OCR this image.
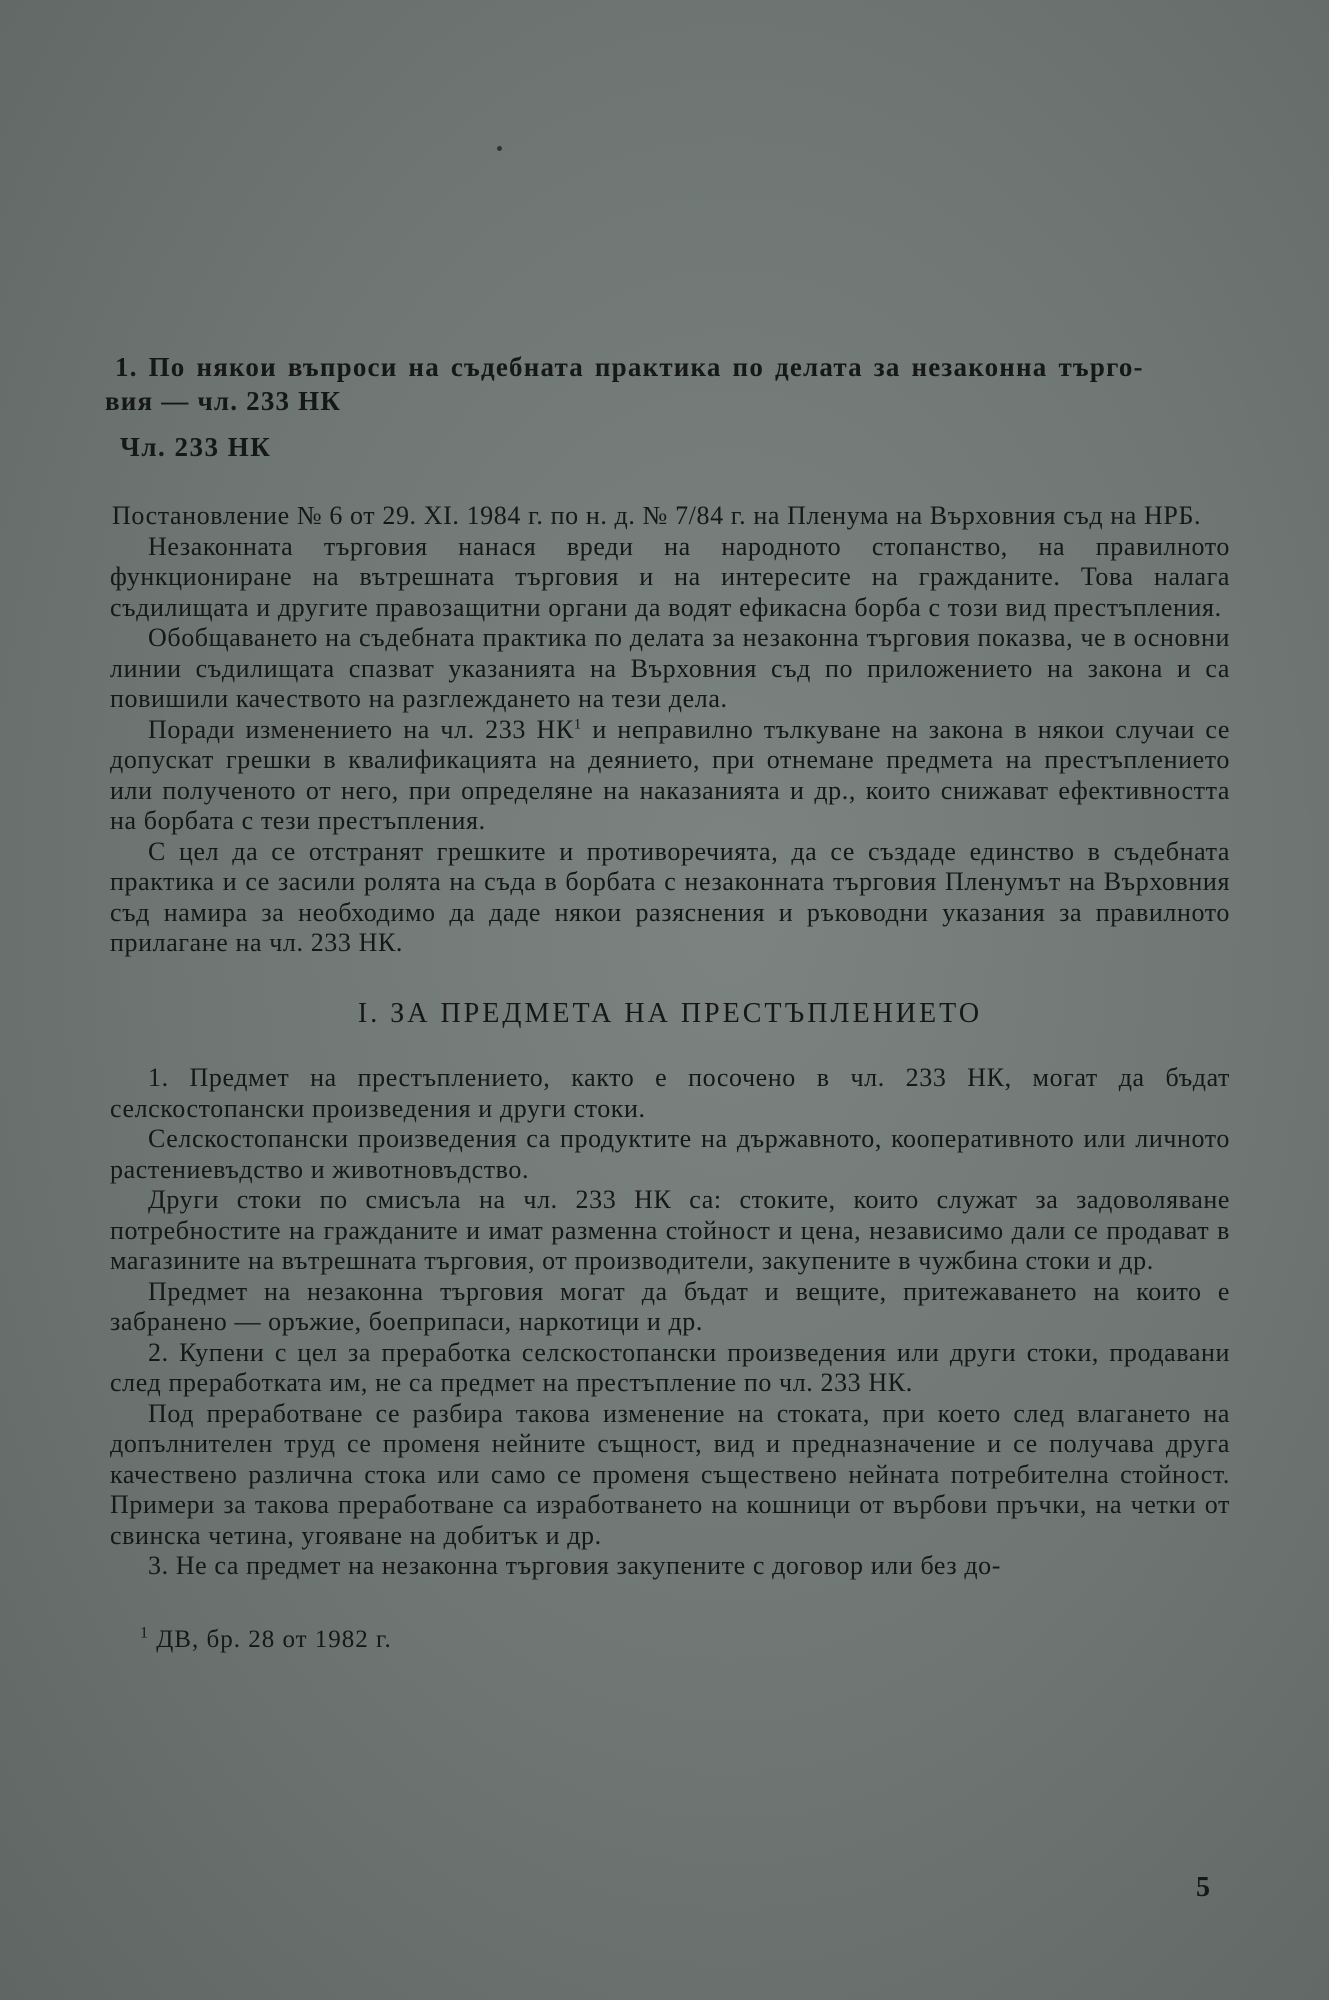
1. По някои въпроси на съдебната практика по делата за незаконна търго-

вия — чл. 233 НК

Чл. 233 НК

Постановление № 6 от 29. XI. 1984 г. по н. д. № 7/84 г. на Пленума на Върховния съд на НРБ.

Незаконната търговия нанася вреди на народното стопанство, на правилното функциониране на вътрешната търговия и на интересите на гражданите. Това налага съдилищата и другите правозащитни органи да водят ефикасна борба с този вид престъпления.

Обобщаването на съдебната практика по делата за незаконна търговия показва, че в основни линии съдилищата спазват указанията на Върховния съд по приложението на закона и са повишили качеството на разглеждането на тези дела.

Поради изменението на чл. 233 $НК^1$ и неправилно тълкуване на закона в някои случаи се допускат грешки в квалификацията на деянието, при отнемане предмета на престъплението или полученото от него, при определяне на наказанията и др., които снижават ефективността на борбата с тези престъпления.

С цел да се отстранят грешките и противоречията, да се създаде единство в съдебната практика и се засили ролята на съда в борбата с незаконната търговия Пленумът на Върховния съд намира за необходимо да даде някои разяснения и ръководни указания за правилното прилагане на чл. 233 НК.

I. ЗА ПРЕДМЕТА НА ПРЕСТЪПЛЕНИЕТО

1. Предмет на престъплението, както е посочено в чл. 233 НК, могат да бъдат селскостопански произведения и други стоки.

Селскостопански произведения са продуктите на държавното, кооперативното или личното растениевъдство и животновъдство.

Други стоки по смисъла на чл. 233 НК са: стоките, които служат за задоволяване потребностите на гражданите и имат разменна стойност и цена, независимо дали се продават в магазините на вътрешната търговия, от производители, закупените в чужбина стоки и др.

Предмет на незаконна търговия могат да бъдат и вещите, притежаването на които е забранено — оръжие, боеприпаси, наркотици и др.

2. Купени с цел за преработка селскостопански произведения или други стоки, продавани след преработката им, не са предмет на престъпление по чл. 233 НК.

Под преработване се разбира такова изменение на стоката, при което след влагането на допълнителен труд се променя нейните същност, вид и предназначение и се получава друга качествено различна стока или само се променя съществено нейната потребителна стойност. Примери за такова преработване са изработването на кошници от върбови пръчки, на четки от свинска четина, угояване на добитък и др.

3. Не са предмет на незаконна търговия закупените с договор или без до-

$^1$ ДВ, бр. 28 от 1982 г.
5
